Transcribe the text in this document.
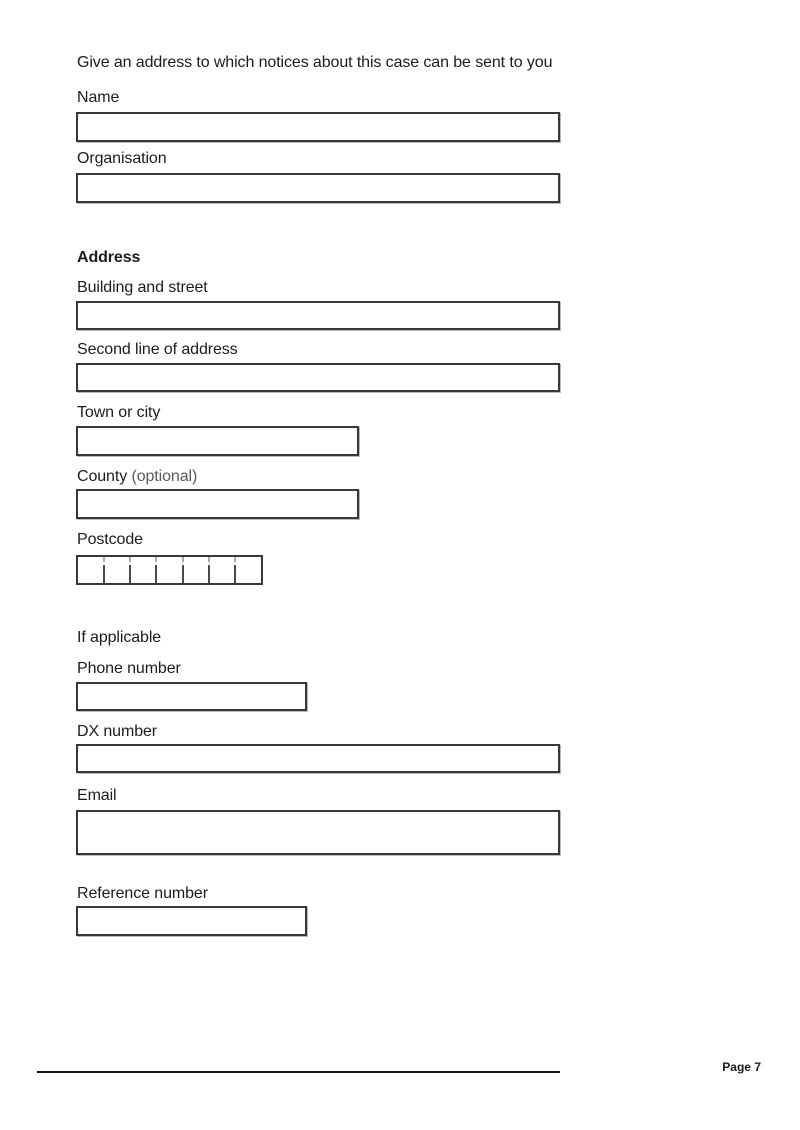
Give an address to which notices about this case can be sent to you
Name
Organisation
Address
Building and street
Second line of address
Town or city
County (optional)
Postcode
If applicable
Phone number
DX number
Email
Reference number
Page 7
